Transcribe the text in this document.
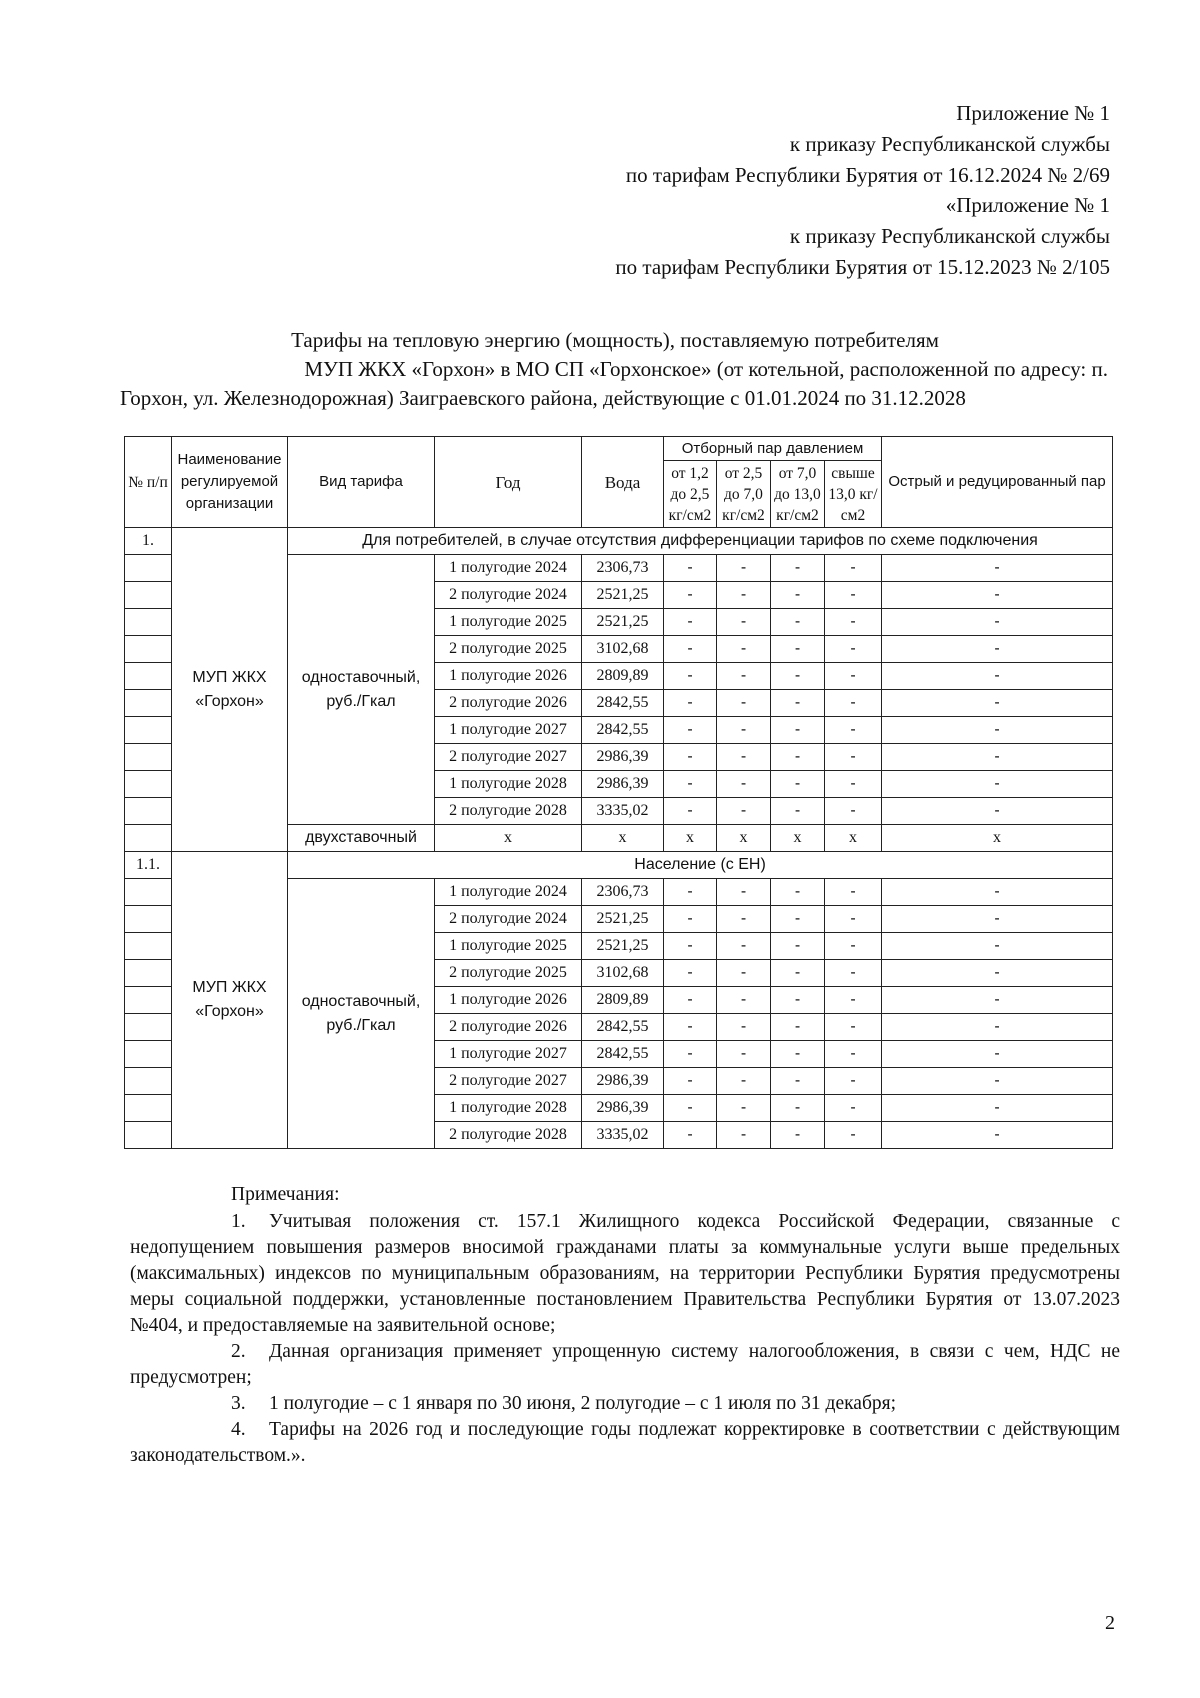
Приложение № 1
к приказу Республиканской службы
по тарифам Республики Бурятия от 16.12.2024 № 2/69
«Приложение № 1
к приказу Республиканской службы
по тарифам Республики Бурятия от 15.12.2023 № 2/105
Тарифы на тепловую энергию (мощность), поставляемую потребителям
МУП ЖКХ «Горхон» в МО СП «Горхонское» (от котельной, расположенной по адресу: п.
Горхон, ул. Железнодорожная) Заиграевского района, действующие с 01.01.2024 по 31.12.2028
№ п/п	Наименование регулируемой организации	Вид тарифа	Год	Вода	Отборный пар давлением				Острый и редуцированный пар
					от 1,2 до 2,5 кг/см2	от 2,5 до 7,0 кг/см2	от 7,0 до 13,0 кг/см2	свыше 13,0 кг/см2	
1.	МУП ЖКХ «Горхон»	Для потребителей, в случае отсутствия дифференциации тарифов по схеме подключения							
		одноставочный, руб./Гкал	1 полугодие 2024	2306,73	-	-	-	-	-
			2 полугодие 2024	2521,25	-	-	-	-	-
			1 полугодие 2025	2521,25	-	-	-	-	-
			2 полугодие 2025	3102,68	-	-	-	-	-
			1 полугодие 2026	2809,89	-	-	-	-	-
			2 полугодие 2026	2842,55	-	-	-	-	-
			1 полугодие 2027	2842,55	-	-	-	-	-
			2 полугодие 2027	2986,39	-	-	-	-	-
			1 полугодие 2028	2986,39	-	-	-	-	-
			2 полугодие 2028	3335,02	-	-	-	-	-
		двухставочный	x	x	x	x	x	x	x
1.1.	МУП ЖКХ «Горхон»	Население (с ЕН)							
		одноставочный, руб./Гкал	1 полугодие 2024	2306,73	-	-	-	-	-
			2 полугодие 2024	2521,25	-	-	-	-	-
			1 полугодие 2025	2521,25	-	-	-	-	-
			2 полугодие 2025	3102,68	-	-	-	-	-
			1 полугодие 2026	2809,89	-	-	-	-	-
			2 полугодие 2026	2842,55	-	-	-	-	-
			1 полугодие 2027	2842,55	-	-	-	-	-
			2 полугодие 2027	2986,39	-	-	-	-	-
			1 полугодие 2028	2986,39	-	-	-	-	-
			2 полугодие 2028	3335,02	-	-	-	-	-
Примечания:

1. Учитывая положения ст. 157.1 Жилищного кодекса Российской Федерации, связанные с недопущением повышения размеров вносимой гражданами платы за коммунальные услуги выше предельных (максимальных) индексов по муниципальным образованиям, на территории Республики Бурятия предусмотрены меры социальной поддержки, установленные постановлением Правительства Республики Бурятия от 13.07.2023 №404, и предоставляемые на заявительной основе;

2. Данная организация применяет упрощенную систему налогообложения, в связи с чем, НДС не предусмотрен;

3. 1 полугодие – с 1 января по 30 июня, 2 полугодие – с 1 июля по 31 декабря;

4. Тарифы на 2026 год и последующие годы подлежат корректировке в соответствии с действующим законодательством.».

2
